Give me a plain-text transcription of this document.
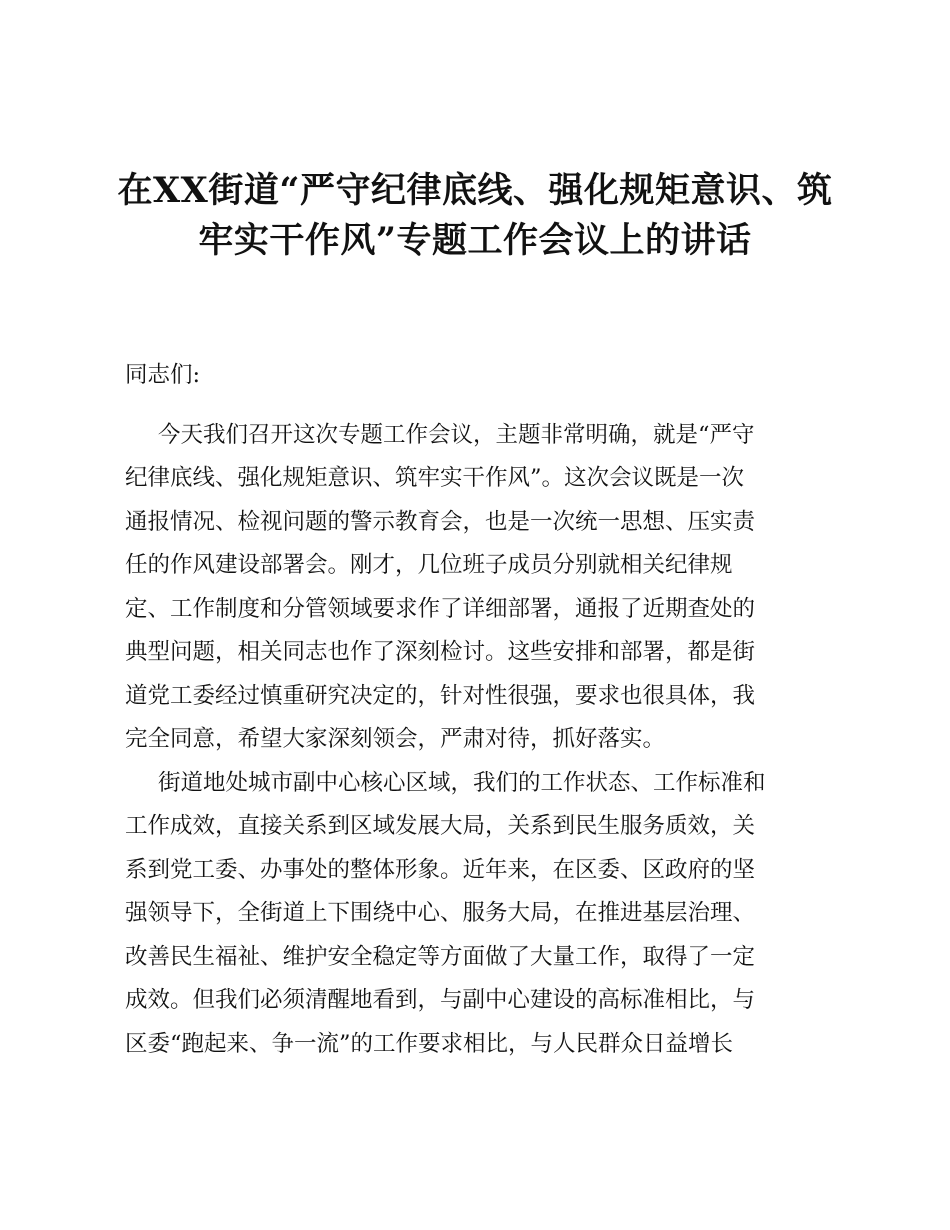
在XX街道“严守纪律底线、强化规矩意识、筑
牢实干作风”专题工作会议上的讲话
同志们:
今天我们召开这次专题工作会议，主题非常明确，就是“严守
纪律底线、强化规矩意识、筑牢实干作风”。这次会议既是一次
通报情况、检视问题的警示教育会，也是一次统一思想、压实责
任的作风建设部署会。刚才，几位班子成员分别就相关纪律规
定、工作制度和分管领域要求作了详细部署，通报了近期查处的
典型问题，相关同志也作了深刻检讨。这些安排和部署，都是街
道党工委经过慎重研究决定的，针对性很强，要求也很具体，我
完全同意，希望大家深刻领会，严肃对待，抓好落实。
街道地处城市副中心核心区域，我们的工作状态、工作标准和
工作成效，直接关系到区域发展大局，关系到民生服务质效，关
系到党工委、办事处的整体形象。近年来，在区委、区政府的坚
强领导下，全街道上下围绕中心、服务大局，在推进基层治理、
改善民生福祉、维护安全稳定等方面做了大量工作，取得了一定
成效。但我们必须清醒地看到，与副中心建设的高标准相比，与
区委“跑起来、争一流”的工作要求相比，与人民群众日益增长
